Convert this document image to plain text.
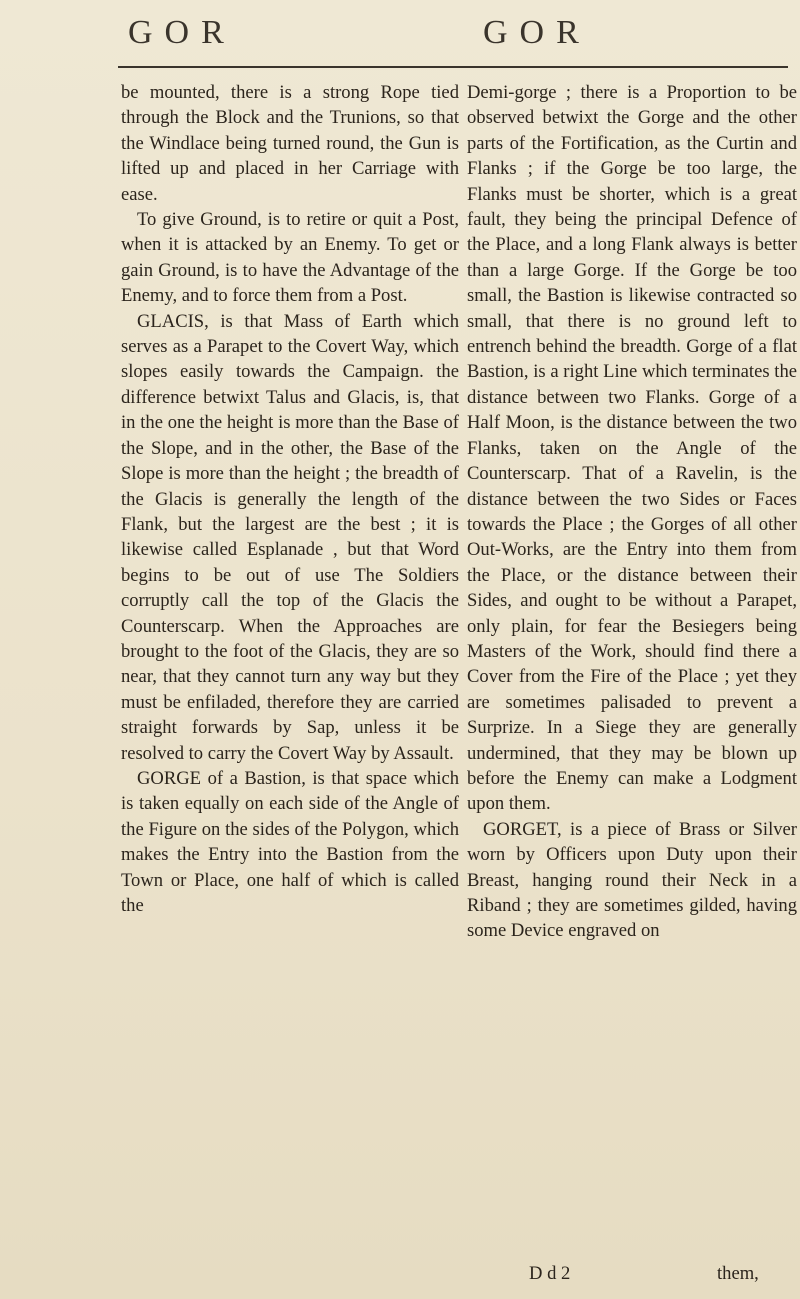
GOR	GOR

be mounted, there is a strong Rope tied through the Block and the Trunions, so that the Windlace being turned round, the Gun is lifted up and placed in her Carriage with ease.

To give Ground, is to retire or quit a Post, when it is attacked by an Enemy. To get or gain Ground, is to have the Advantage of the Enemy, and to force them from a Post.

GLACIS, is that Mass of Earth which serves as a Parapet to the Covert Way, which slopes easily towards the Campaign. the difference betwixt Talus and Glacis, is, that in the one the height is more than the Base of the Slope, and in the other, the Base of the Slope is more than the height ; the breadth of the Glacis is generally the length of the Flank, but the largest are the best ; it is likewise called Esplanade , but that Word begins to be out of use The Soldiers corruptly call the top of the Glacis the Counterscarp. When the Approaches are brought to the foot of the Glacis, they are so near, that they cannot turn any way but they must be enfiladed, therefore they are carried straight forwards by Sap, unless it be resolved to carry the Covert Way by Assault.

GORGE of a Bastion, is that space which is taken equally on each side of the Angle of the Figure on the sides of the Polygon, which makes the Entry into the Bastion from the Town or Place, one half of which is called the

Demi-gorge ; there is a Proportion to be observed betwixt the Gorge and the other parts of the Fortification, as the Curtin and Flanks ; if the Gorge be too large, the Flanks must be shorter, which is a great fault, they being the principal Defence of the Place, and a long Flank always is better than a large Gorge. If the Gorge be too small, the Bastion is likewise contracted so small, that there is no ground left to entrench behind the breadth. Gorge of a flat Bastion, is a right Line which terminates the distance between two Flanks. Gorge of a Half Moon, is the distance between the two Flanks, taken on the Angle of the Counterscarp. That of a Ravelin, is the distance between the two Sides or Faces towards the Place ; the Gorges of all other Out-Works, are the Entry into them from the Place, or the distance between their Sides, and ought to be without a Parapet, only plain, for fear the Besiegers being Masters of the Work, should find there a Cover from the Fire of the Place ; yet they are sometimes palisaded to prevent a Surprize. In a Siege they are generally undermined, that they may be blown up before the Enemy can make a Lodgment upon them.

GORGET, is a piece of Brass or Silver worn by Officers upon Duty upon their Breast, hanging round their Neck in a Riband ; they are sometimes gilded, having some Device engraved on

D d 2	them,
